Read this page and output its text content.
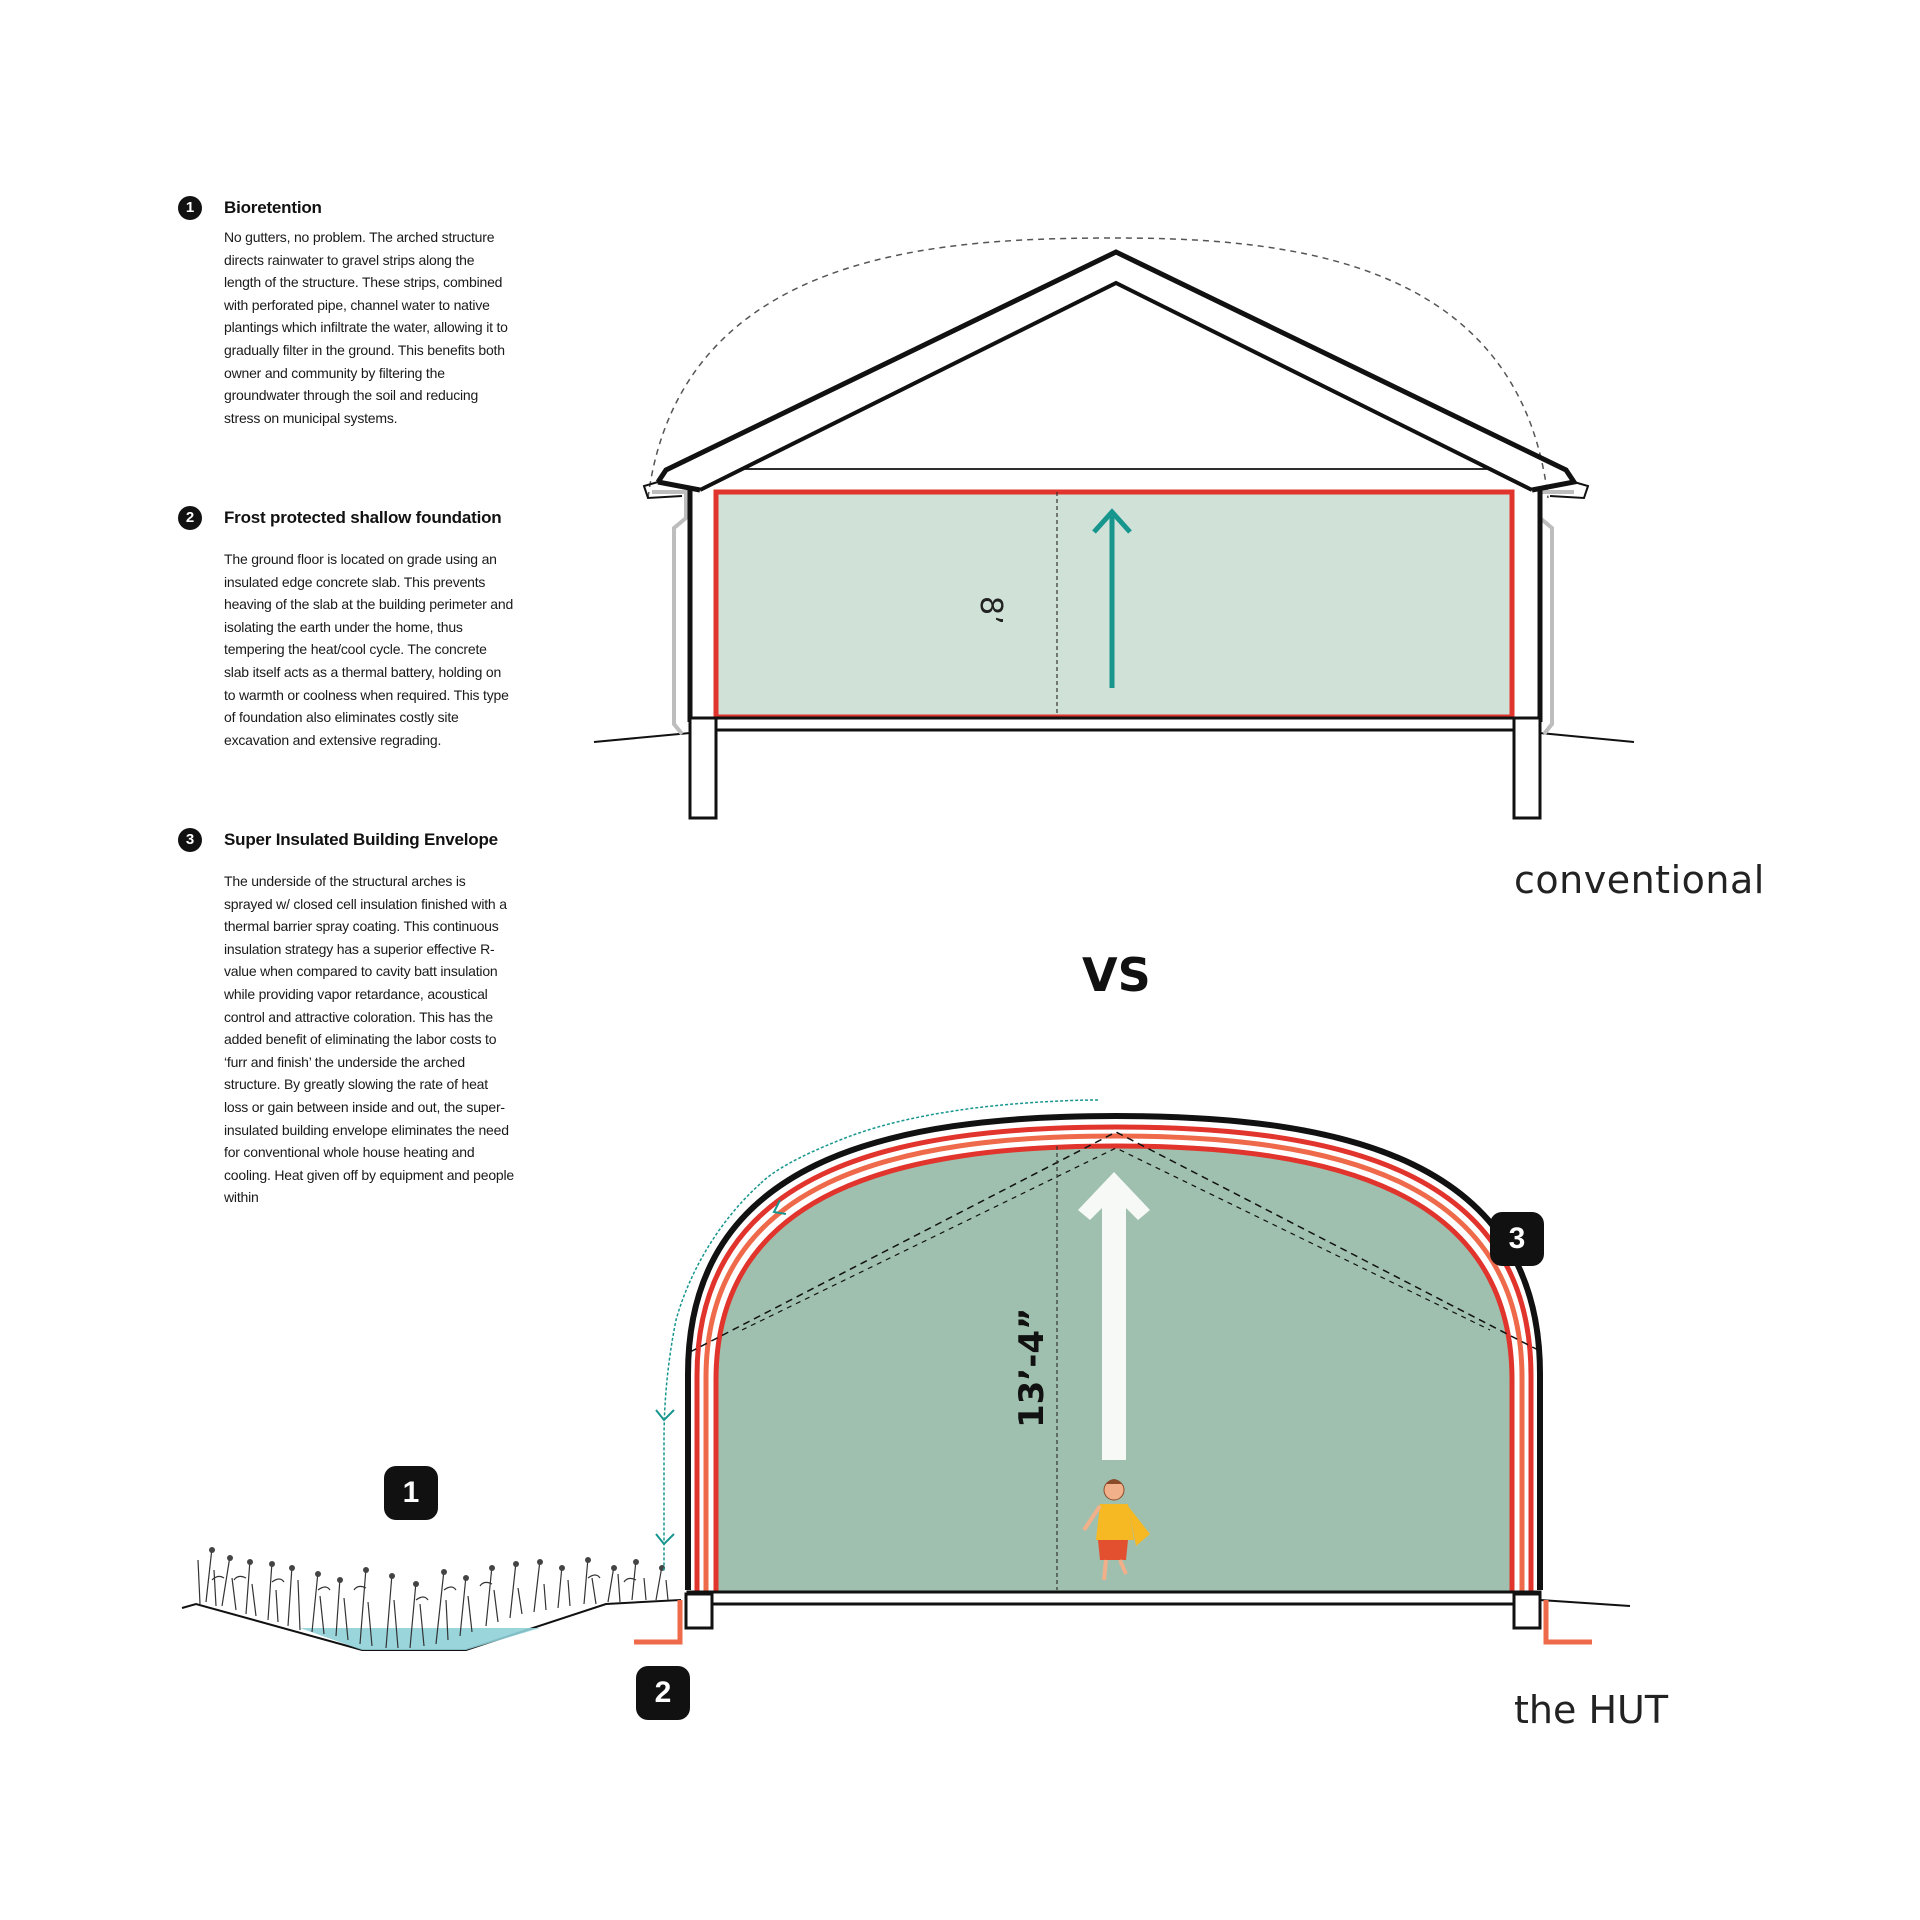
1	Bioretention
No gutters, no problem. The arched structure directs rainwater to gravel strips along the length of the structure. These strips, combined with perforated pipe, channel water to native plantings which infiltrate the water, allowing it to gradually filter in the ground. This benefits both owner and community by filtering the groundwater through the soil and reducing stress on municipal systems.
2	Frost protected shallow foundation
The ground floor is located on grade using an insulated edge concrete slab. This prevents heaving of the slab at the building perimeter and isolating the earth under the home, thus tempering the heat/cool cycle. The concrete slab itself acts as a thermal battery, holding on to warmth or coolness when required. This type of foundation also eliminates costly site excavation and extensive regrading.
3	Super Insulated Building Envelope
The underside of the structural arches is sprayed w/ closed cell insulation finished with a thermal barrier spray coating. This continuous insulation strategy has a superior effective R-value when compared to cavity batt insulation while providing vapor retardance, acoustical control and attractive coloration. This has the added benefit of eliminating the labor costs to ‘furr and finish’ the underside the arched structure. By greatly slowing the rate of heat loss or gain between inside and out, the super-insulated building envelope eliminates the need for conventional whole house heating and cooling. Heat given off by equipment and people within
conventional
VS
the HUT
8’
13’-4”
1
2
3
